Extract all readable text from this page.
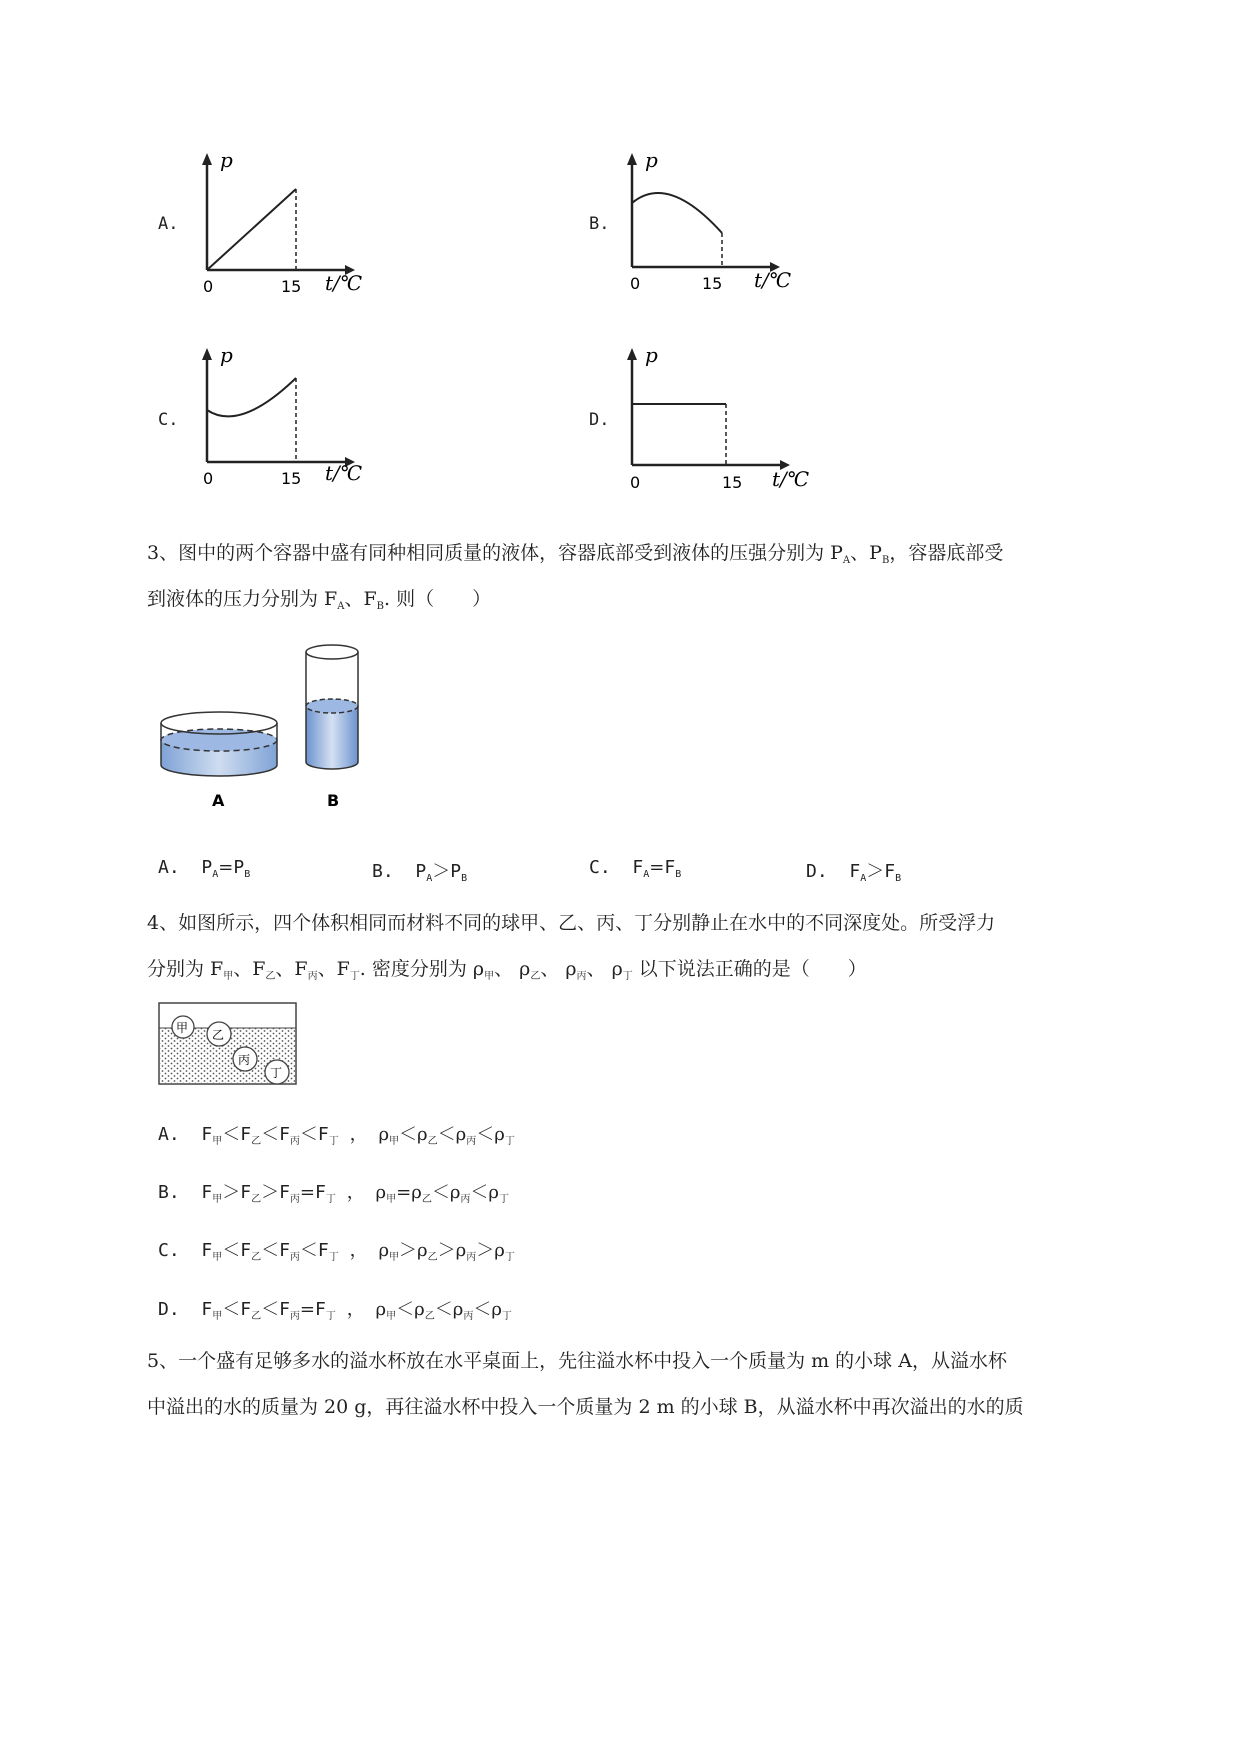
A.
p
t/℃
0	15
B.
p
t/℃
0	15
C.
p
t/℃
0	15
D.
p
t/℃
0	15
3、图中的两个容器中盛有同种相同质量的液体，容器底部受到液体的压强分别为 $P_A$、$P_B$，容器底部受
到液体的压力分别为 $F_A$、$F_B$. 则（　　）
A	B
A. $P_A=P_B$	B. $P_A>P_B$
C. $F_A=F_B$	D. $F_A>F_B$
4、如图所示，四个体积相同而材料不同的球甲、乙、丙、丁分别静止在水中的不同深度处。所受浮力
分别为 $F_甲$、$F_乙$、$F_丙$、$F_丁$. 密度分别为 $\rho_甲$、 $\rho_乙$、 $\rho_丙$、 $\rho_丁$ 以下说法正确的是（　　）
甲 乙
丙
丁
A. $F_甲<F_乙<F_丙<F_丁$ ， $\rho_甲<\rho_乙<\rho_丙<\rho_丁$
B. $F_甲>F_乙>F_丙=F_丁$ ， $\rho_甲=\rho_乙<\rho_丙<\rho_丁$
C. $F_甲<F_乙<F_丙<F_丁$ ， $\rho_甲>\rho_乙>\rho_丙>\rho_丁$
D. $F_甲<F_乙<F_丙=F_丁$ ， $\rho_甲<\rho_乙<\rho_丙<\rho_丁$
5、一个盛有足够多水的溢水杯放在水平桌面上，先往溢水杯中投入一个质量为 m 的小球 A，从溢水杯
中溢出的水的质量为 20 g，再往溢水杯中投入一个质量为 2 m 的小球 B，从溢水杯中再次溢出的水的质
